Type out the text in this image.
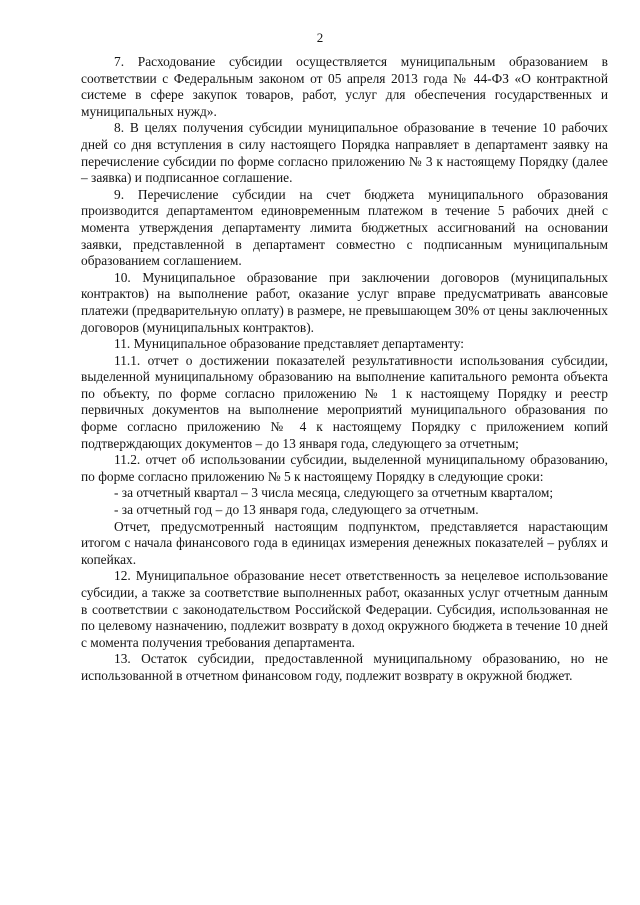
2

7. Расходование субсидии осуществляется муниципальным образованием в соответствии с Федеральным законом от 05 апреля 2013 года № 44-ФЗ «О контрактной системе в сфере закупок товаров, работ, услуг для обеспечения государственных и муниципальных нужд».

8. В целях получения субсидии муниципальное образование в течение 10 рабочих дней со дня вступления в силу настоящего Порядка направляет в департамент заявку на перечисление субсидии по форме согласно приложению № 3 к настоящему Порядку (далее – заявка) и подписанное соглашение.

9. Перечисление субсидии на счет бюджета муниципального образования производится департаментом единовременным платежом в течение 5 рабочих дней с момента утверждения департаменту лимита бюджетных ассигнований на основании заявки, представленной в департамент совместно с подписанным муниципальным образованием соглашением.

10. Муниципальное образование при заключении договоров (муниципальных контрактов) на выполнение работ, оказание услуг вправе предусматривать авансовые платежи (предварительную оплату) в размере, не превышающем 30% от цены заключенных договоров (муниципальных контрактов).

11. Муниципальное образование представляет департаменту:

11.1. отчет о достижении показателей результативности использования субсидии, выделенной муниципальному образованию на выполнение капитального ремонта объекта по объекту, по форме согласно приложению № 1 к настоящему Порядку и реестр первичных документов на выполнение мероприятий муниципального образования по форме согласно приложению № 4 к настоящему Порядку с приложением копий подтверждающих документов – до 13 января года, следующего за отчетным;

11.2. отчет об использовании субсидии, выделенной муниципальному образованию, по форме согласно приложению № 5 к настоящему Порядку в следующие сроки:

- за отчетный квартал – 3 числа месяца, следующего за отчетным кварталом;

- за отчетный год – до 13 января года, следующего за отчетным.

Отчет, предусмотренный настоящим подпунктом, представляется нарастающим итогом с начала финансового года в единицах измерения денежных показателей – рублях и копейках.

12. Муниципальное образование несет ответственность за нецелевое использование субсидии, а также за соответствие выполненных работ, оказанных услуг отчетным данным в соответствии с законодательством Российской Федерации. Субсидия, использованная не по целевому назначению, подлежит возврату в доход окружного бюджета в течение 10 дней с момента получения требования департамента.

13. Остаток субсидии, предоставленной муниципальному образованию, но не использованной в отчетном финансовом году, подлежит возврату в окружной бюджет.
